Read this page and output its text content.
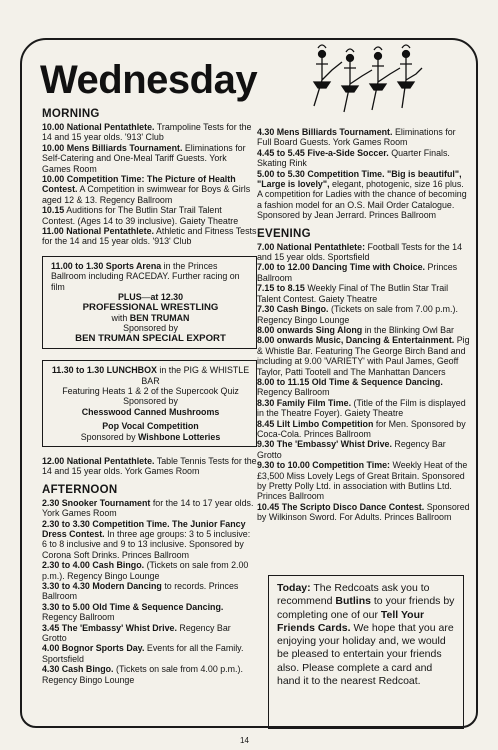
Wednesday
MORNING

10.00 National Pentathlete. Trampoline Tests for the 14 and 15 year olds. '913' Club

10.00 Mens Billiards Tournament. Eliminations for Self-Catering and One-Meal Tariff Guests. York Games Room

10.00 Competition Time: The Picture of Health Contest. A Competition in swimwear for Boys & Girls aged 12 & 13. Regency Ballroom

10.15 Auditions for The Butlin Star Trail Talent Contest. (Ages 14 to 39 inclusive). Gaiety Theatre

11.00 National Pentathlete. Athletic and Fitness Tests for the 14 and 15 year olds. '913' Club

11.00 to 1.30 Sports Arena in the Princes Ballroom including RACEDAY. Further racing on film
PLUS—at 12.30
PROFESSIONAL WRESTLING
with BEN TRUMAN
Sponsored by
BEN TRUMAN SPECIAL EXPORT
11.30 to 1.30 LUNCHBOX in the PIG & WHISTLE BAR
Featuring Heats 1 & 2 of the Supercook Quiz
Sponsored by
Chesswood Canned Mushrooms
Pop Vocal Competition
Sponsored by Wishbone Lotteries

12.00 National Pentathlete. Table Tennis Tests for the 14 and 15 year olds. York Games Room

AFTERNOON

2.30 Snooker Tournament for the 14 to 17 year olds. York Games Room

2.30 to 3.30 Competition Time. The Junior Fancy Dress Contest. In three age groups: 3 to 5 inclusive: 6 to 8 inclusive and 9 to 13 inclusive. Sponsored by Corona Soft Drinks. Princes Ballroom

2.30 to 4.00 Cash Bingo. (Tickets on sale from 2.00 p.m.). Regency Bingo Lounge

3.30 to 4.30 Modern Dancing to records. Princes Ballroom

3.30 to 5.00 Old Time & Sequence Dancing. Regency Ballroom

3.45 The 'Embassy' Whist Drive. Regency Bar Grotto

4.00 Bognor Sports Day. Events for all the Family. Sportsfield

4.30 Cash Bingo. (Tickets on sale from 4.00 p.m.). Regency Bingo Lounge

4.30 Mens Billiards Tournament. Eliminations for Full Board Guests. York Games Room

4.45 to 5.45 Five-a-Side Soccer. Quarter Finals. Skating Rink

5.00 to 5.30 Competition Time. "Big is beautiful", "Large is lovely", elegant, photogenic, size 16 plus. A competition for Ladies with the chance of becoming a fashion model for an O.S. Mail Order Catalogue. Sponsored by Jean Jerrard. Princes Ballroom

EVENING

7.00 National Pentathlete: Football Tests for the 14 and 15 year olds. Sportsfield

7.00 to 12.00 Dancing Time with Choice. Princes Ballroom

7.15 to 8.15 Weekly Final of The Butlin Star Trail Talent Contest. Gaiety Theatre

7.30 Cash Bingo. (Tickets on sale from 7.00 p.m.). Regency Bingo Lounge

8.00 onwards Sing Along in the Blinking Owl Bar

8.00 onwards Music, Dancing & Entertainment. Pig & Whistle Bar. Featuring The George Birch Band and including at 9.00 'VARIETY' with Paul James, Geoff Taylor, Patti Tootell and The Manhattan Dancers

8.00 to 11.15 Old Time & Sequence Dancing. Regency Ballroom

8.30 Family Film Time. (Title of the Film is displayed in the Theatre Foyer). Gaiety Theatre

8.45 Lilt Limbo Competition for Men. Sponsored by Coca-Cola. Princes Ballroom

9.30 The 'Embassy' Whist Drive. Regency Bar Grotto

9.30 to 10.00 Competition Time: Weekly Heat of the £3,500 Miss Lovely Legs of Great Britain. Sponsored by Pretty Polly Ltd. in association with Butlins Ltd. Princes Ballroom

10.45 The Scripto Disco Dance Contest. Sponsored by Wilkinson Sword. For Adults. Princes Ballroom

Today: The Redcoats ask you to recommend Butlins to your friends by completing one of our Tell Your Friends Cards. We hope that you are enjoying your holiday and, we would be pleased to entertain your friends also. Please complete a card and hand it to the nearest Redcoat.
14
